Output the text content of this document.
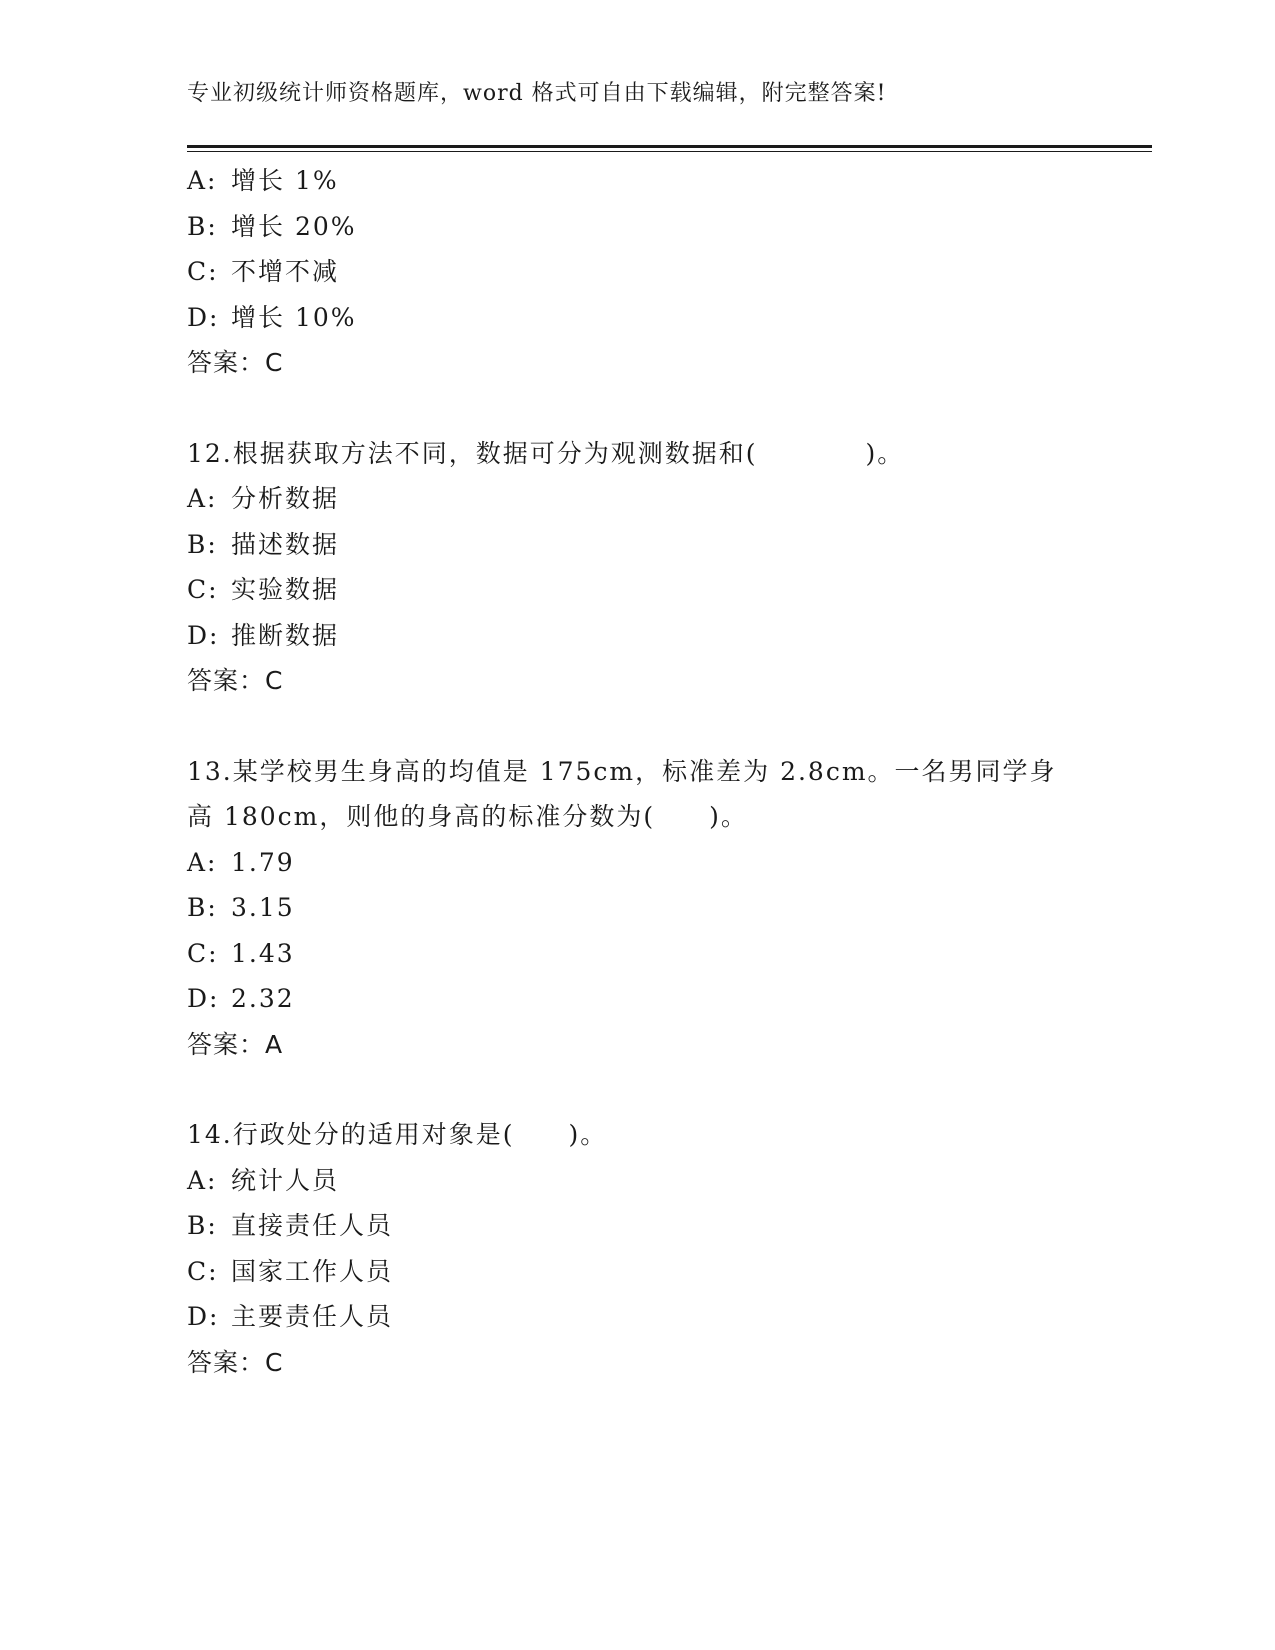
专业初级统计师资格题库，word 格式可自由下载编辑，附完整答案!
A: 增长 1%
B: 增长 20%
C: 不增不减
D: 增长 10%
答案：C
12.根据获取方法不同，数据可分为观测数据和(　　　　)。
A: 分析数据
B: 描述数据
C: 实验数据
D: 推断数据
答案：C
13.某学校男生身高的均值是 175cm，标准差为 2.8cm。一名男同学身
高 180cm，则他的身高的标准分数为(　　)。
A: 1.79
B: 3.15
C: 1.43
D: 2.32
答案：A
14.行政处分的适用对象是(　　)。
A: 统计人员
B: 直接责任人员
C: 国家工作人员
D: 主要责任人员
答案：C
